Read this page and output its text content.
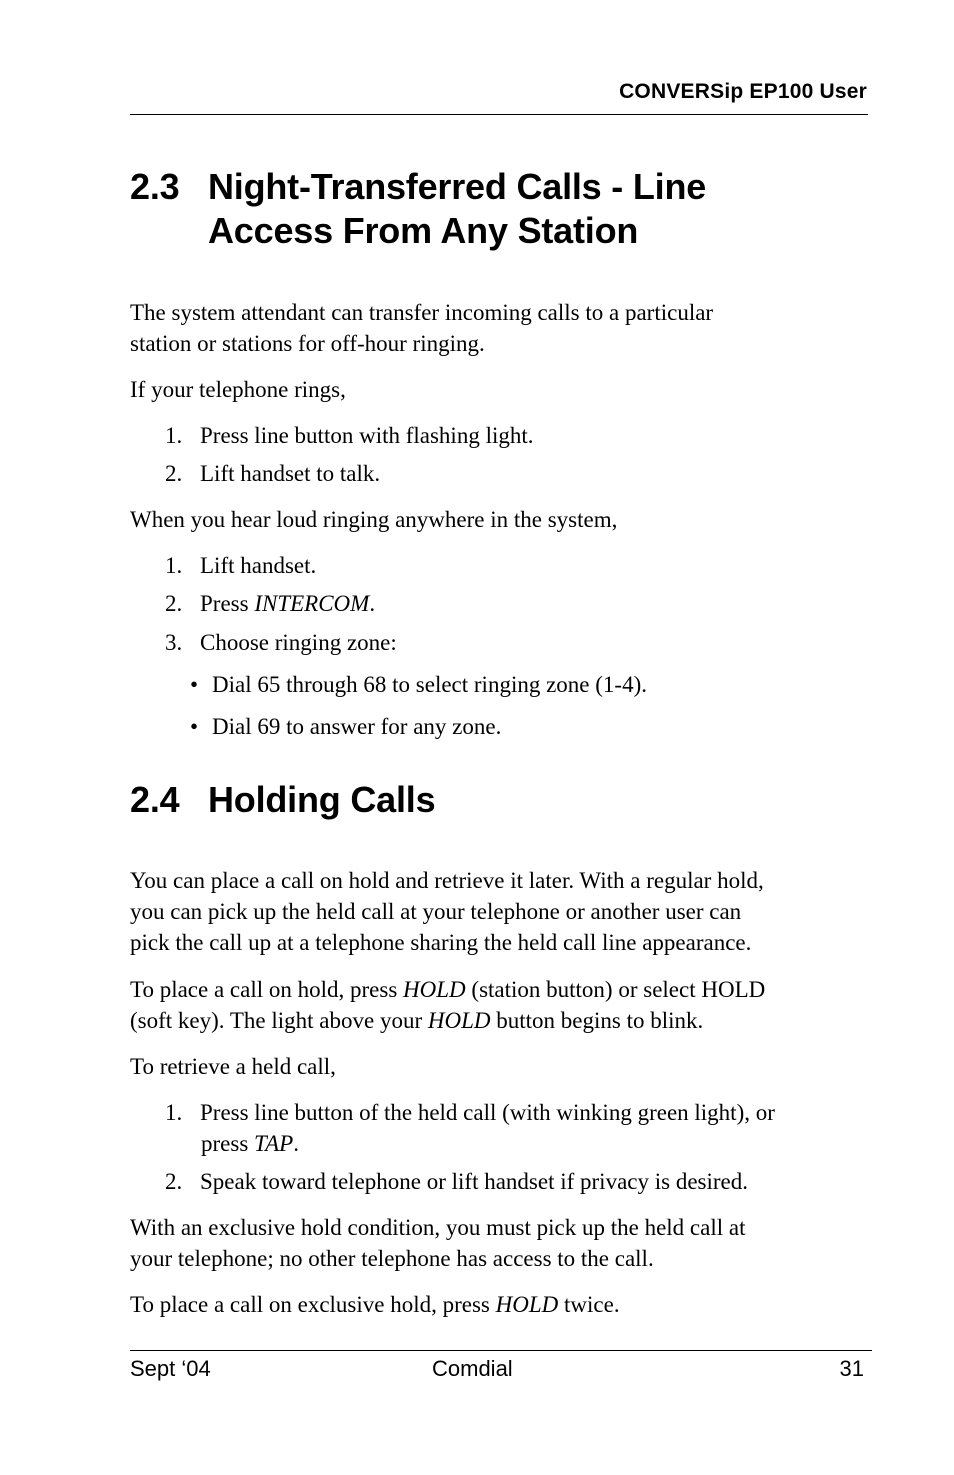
CONVERSip EP100 User
2.3 Night-Transferred Calls - Line
Access From Any Station
The system attendant can transfer incoming calls to a particular
station or stations for off-hour ringing.
If your telephone rings,
1. Press line button with flashing light.
2. Lift handset to talk.
When you hear loud ringing anywhere in the system,
1. Lift handset.
2. Press INTERCOM.
3. Choose ringing zone:
• Dial 65 through 68 to select ringing zone (1-4).
• Dial 69 to answer for any zone.
2.4 Holding Calls
You can place a call on hold and retrieve it later. With a regular hold,
you can pick up the held call at your telephone or another user can
pick the call up at a telephone sharing the held call line appearance.
To place a call on hold, press HOLD (station button) or select HOLD
(soft key). The light above your HOLD button begins to blink.
To retrieve a held call,
1. Press line button of the held call (with winking green light), or
press TAP.
2. Speak toward telephone or lift handset if privacy is desired.
With an exclusive hold condition, you must pick up the held call at
your telephone; no other telephone has access to the call.
To place a call on exclusive hold, press HOLD twice.
Sept ‘04	Comdial	31
